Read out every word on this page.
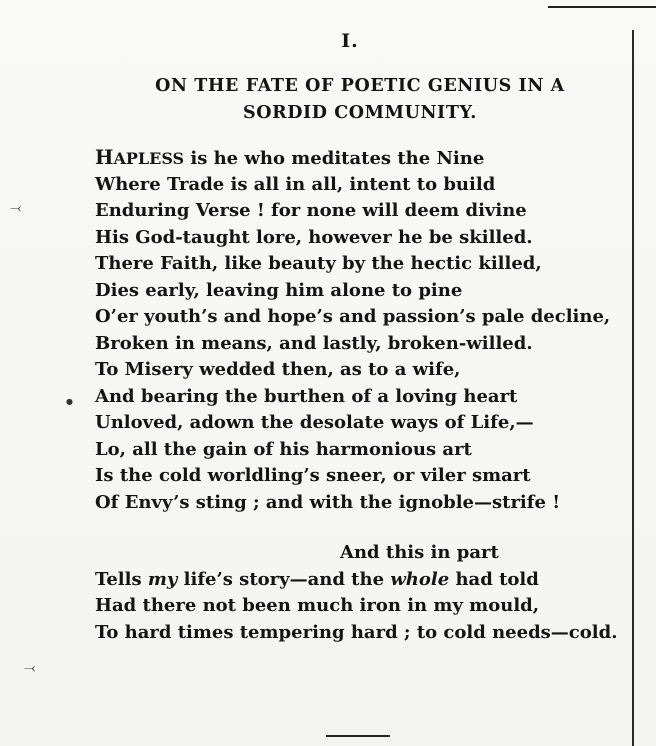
I.
ON THE FATE OF POETIC GENIUS IN A
SORDID COMMUNITY.
HAPLESS is he who meditates the Nine
Where Trade is all in all, intent to build
Enduring Verse ! for none will deem divine
His God-taught lore, however he be skilled.
There Faith, like beauty by the hectic killed,
Dies early, leaving him alone to pine
O’er youth’s and hope’s and passion’s pale decline,
Broken in means, and lastly, broken-willed.
To Misery wedded then, as to a wife,
And bearing the burthen of a loving heart
Unloved, adown the desolate ways of Life,—
Lo, all the gain of his harmonious art
Is the cold worldling’s sneer, or viler smart
Of Envy’s sting ; and with the ignoble—strife !
And this in part
Tells my life’s story—and the whole had told
Had there not been much iron in my mould,
To hard times tempering hard ; to cold needs—cold.
⤙
⤙
●
